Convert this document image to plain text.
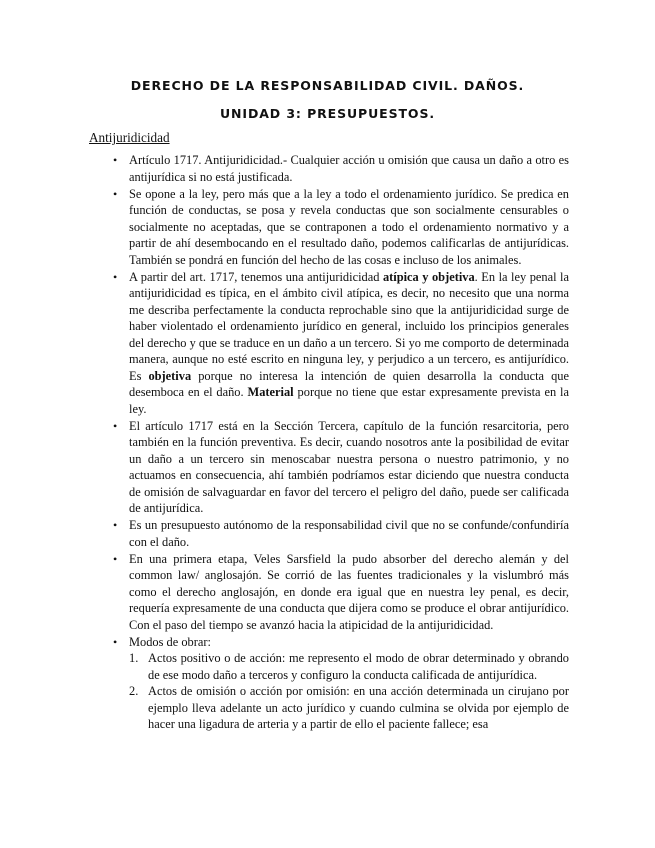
DERECHO DE LA RESPONSABILIDAD CIVIL. DAÑOS.
UNIDAD 3: PRESUPUESTOS.
Antijuridicidad
• Artículo 1717. Antijuridicidad.- Cualquier acción u omisión que causa un daño a otro es antijurídica si no está justificada.
• Se opone a la ley, pero más que a la ley a todo el ordenamiento jurídico. Se predica en función de conductas, se posa y revela conductas que son socialmente censurables o socialmente no aceptadas, que se contraponen a todo el ordenamiento normativo y a partir de ahí desembocando en el resultado daño, podemos calificarlas de antijurídicas. También se pondrá en función del hecho de las cosas e incluso de los animales.
• A partir del art. 1717, tenemos una antijuridicidad atípica y objetiva. En la ley penal la antijuridicidad es típica, en el ámbito civil atípica, es decir, no necesito que una norma me describa perfectamente la conducta reprochable sino que la antijuridicidad surge de haber violentado el ordenamiento jurídico en general, incluido los principios generales del derecho y que se traduce en un daño a un tercero. Si yo me comporto de determinada manera, aunque no esté escrito en ninguna ley, y perjudico a un tercero, es antijurídico. Es objetiva porque no interesa la intención de quien desarrolla la conducta que desemboca en el daño. Material porque no tiene que estar expresamente prevista en la ley.
• El artículo 1717 está en la Sección Tercera, capítulo de la función resarcitoria, pero también en la función preventiva. Es decir, cuando nosotros ante la posibilidad de evitar un daño a un tercero sin menoscabar nuestra persona o nuestro patrimonio, y no actuamos en consecuencia, ahí también podríamos estar diciendo que nuestra conducta de omisión de salvaguardar en favor del tercero el peligro del daño, puede ser calificada de antijurídica.
• Es un presupuesto autónomo de la responsabilidad civil que no se confunde/confundiría con el daño.
• En una primera etapa, Veles Sarsfield la pudo absorber del derecho alemán y del common law/ anglosajón. Se corrió de las fuentes tradicionales y la vislumbró más como el derecho anglosajón, en donde era igual que en nuestra ley penal, es decir, requería expresamente de una conducta que dijera como se produce el obrar antijurídico. Con el paso del tiempo se avanzó hacia la atipicidad de la antijuridicidad.
• Modos de obrar:
1. Actos positivo o de acción: me represento el modo de obrar determinado y obrando de ese modo daño a terceros y configuro la conducta calificada de antijurídica.
2. Actos de omisión o acción por omisión: en una acción determinada un cirujano por ejemplo lleva adelante un acto jurídico y cuando culmina se olvida por ejemplo de hacer una ligadura de arteria y a partir de ello el paciente fallece; esa
